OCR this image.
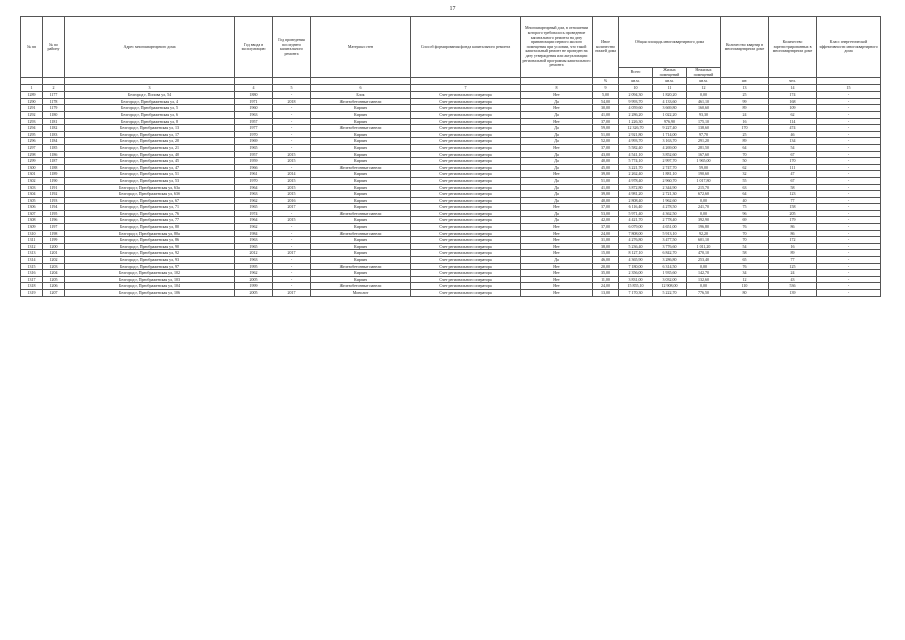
17
№ пп	№ по району	Адрес многоквартирного дома	Год ввода в эксплуатацию	Год проведения последнего капитального ремонта	Материал стен	Способ формирования фонда капитального ремонта	Многоквартирный дом, в отношении которого требовалось проведение капитального ремонта на дату приватизации первого жилого помещения при условии, что такой капитальный ремонт не проведен на дату утверждения или актуализации региональной программы капитального ремонта	Иное количество этажей дома	Общая площадь многоквартирного дома			Количество квартир в многоквартирном доме	Количество зарегистрированных в многоквартирном доме	Класс энергетической эффективности многоквартирного дома
									Всего	Жилых помещений	Нежилых помещений			
								%	кв.м.	кв.м.	кв.м.	шт.	чел.	
1	2	3	4	5	6	7	8	9	10	11	12	13	14	15
1289	1177	Белгород г, Попова ул, 54	1880	-	Блок	Счет регионального оператора	Нет	5,00	2 094,30	1 820,20	0,00	25	174	-
1290	1178	Белгород г, Преображенская ул, 4	1971	2018	Железобетонные панели	Счет регионального оператора	Да	54,00	9 993,70	4 133,60	461,10	99	168	-
1291	1179	Белгород г, Преображенская ул, 5	1960	-	Кирпич	Счет регионального оператора	Нет	30,00	4 059,60	3 669,80	160,60	89	109	-
1292	1180	Белгород г, Преображенская ул, 6	1963	-	Кирпич	Счет регионального оператора	Да	41,00	2 286,20	1 022,20	93,30	24	62	-
1293	1181	Белгород г, Преображенская ул, 8	1957	-	Кирпич	Счет регионального оператора	Нет	37,00	1 226,30	976,90	175,10	16	114	-
1294	1182	Белгород г, Преображенская ул, 13	1977	-	Железобетонные панели	Счет регионального оператора	Да	59,00	12 326,70	9 227,40	138,60	170	474	-
1295	1183	Белгород г, Преображенская ул, 17	1970	-	Кирпич	Счет регионального оператора	Да	51,00	2 921,80	1 714,00	97,70	25	46	-
1296	1184	Белгород г, Преображенская ул, 20	1969	-	Кирпич	Счет регионального оператора	Да	52,00	4 993,70	3 163,70	291,20	89	134	-
1297	1185	Белгород г, Преображенская ул, 21	1965	-	Кирпич	Счет регионального оператора	Нет	37,00	5 582,40	4 269,00	281,50	64	54	-
1298	1186	Белгород г, Преображенская ул, 40	1957	2015	Кирпич	Счет регионального оператора	Да	43,00	4 541,10	3 852,60	167,60	70	67	-
1299	1187	Белгород г, Преображенская ул, 45	1959	2015	Кирпич	Счет регионального оператора	Да	40,00	5 774,10	2 997,70	1 965,00	50	170	-
1300	1188	Белгород г, Преображенская ул, 47	1966	-	Железобетонные панели	Счет регионального оператора	Да	45,00	3 221,70	2 747,70	59,00	62	111	-
1301	1189	Белгород г, Преображенская ул, 51	1961	2014	Кирпич	Счет регионального оператора	Нет	39,00	2 262,40	1 881,10	190,60	32	47	-
1302	1190	Белгород г, Преображенская ул, 53	1970	2015	Кирпич	Счет регионального оператора	Да	51,00	4 978,40	2 960,70	1 017,80	55	67	-
1303	1191	Белгород г, Преображенская ул, 63а	1964	2015	Кирпич	Счет регионального оператора	Да	41,00	3 872,80	2 344,90	215,70	63	58	-
1304	1192	Белгород г, Преображенская ул, 63б	1963	2015	Кирпич	Счет регионального оператора	Да	39,00	4 981,20	2 721,30	672,60	64	123	-
1305	1193	Белгород г, Преображенская ул, 67	1962	2016	Кирпич	Счет регионального оператора	Да	40,00	2 808,40	1 962,60	0,00	40	77	-
1306	1194	Белгород г, Преображенская ул, 71	1965	2017	Кирпич	Счет регионального оператора	Нет	37,00	6 116,40	4 278,50	241,70	75	158	-
1307	1195	Белгород г, Преображенская ул, 76	1974	-	Железобетонные панели	Счет регионального оператора	Да	53,00	5 971,40	4 362,50	0,00	96	205	-
1308	1196	Белгород г, Преображенская ул, 77	1964	2015	Кирпич	Счет регионального оператора	Да	42,00	4 421,70	2 778,40	392,90	69	179	-
1309	1197	Белгород г, Преображенская ул, 80	1962	-	Кирпич	Счет регионального оператора	Нет	37,00	6 079,00	4 651,00	196,80	76	86	-
1310	1198	Белгород г, Преображенская ул, 80а	1984	-	Железобетонные панели	Счет регионального оператора	Нет	24,00	7 808,00	5 913,10	92,20	70	86	-
1311	1199	Белгород г, Преображенская ул, 86	1963	-	Кирпич	Счет регионального оператора	Нет	31,00	4 276,80	3 477,50	601,10	70	172	-
1312	1200	Белгород г, Преображенская ул, 90	1965	-	Кирпич	Счет регионального оператора	Нет	38,00	5 236,40	3 776,60	1 011,20	54	16	-
1313	1201	Белгород г, Преображенская ул, 92	2012	2017	Кирпич	Счет регионального оператора	Нет	15,00	8 127,10	6 842,70	470,10	58	89	-
1314	1202	Белгород г, Преображенская ул, 93	1963	-	Кирпич	Счет регионального оператора	Да	46,00	4 365,90	3 286,80	253,40	65	77	-
1315	1203	Белгород г, Преображенская ул, 97	1995	-	Железобетонные панели	Счет регионального оператора	Нет	20,00	7 180,00	6 314,50	0,00	76	125	-
1316	1204	Белгород г, Преображенская ул, 102	1962	-	Кирпич	Счет регионального оператора	Нет	35,00	2 356,00	1 935,60	142,70	34	24	-
1317	1205	Белгород г, Преображенская ул, 103	2005	-	Кирпич	Счет регионального оператора	Нет	11,00	3 831,00	3 032,00	132,60	12	43	-
1318	1206	Белгород г, Преображенская ул, 104	1999	-	Железобетонные панели	Счет регионального оператора	Нет	24,00	15 855,10	12 908,00	0,00	110	536	-
1319	1207	Белгород г, Преображенская ул, 106	2005	2017	Монолит	Счет регионального оператора	Нет	13,00	7 170,30	5 222,70	776,50	80	139	-
